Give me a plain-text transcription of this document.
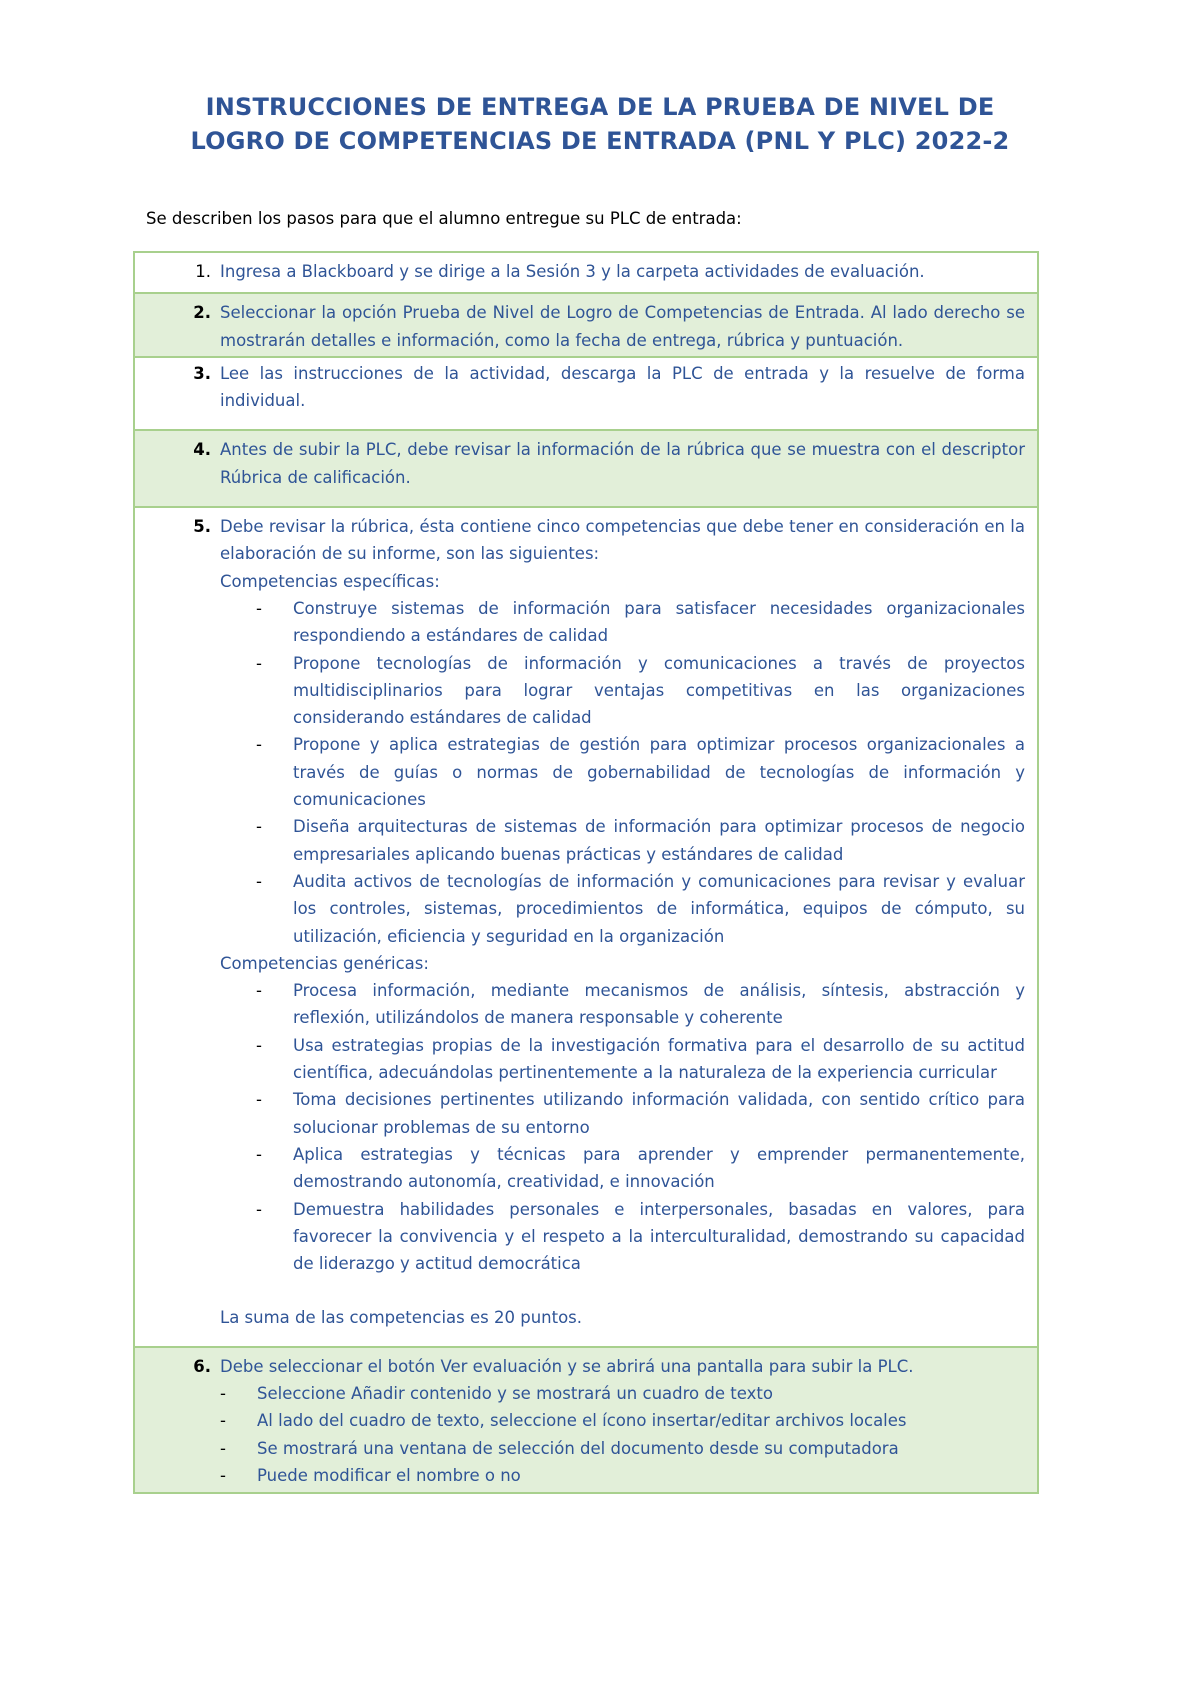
INSTRUCCIONES DE ENTREGA DE LA PRUEBA DE NIVEL DE
LOGRO DE COMPETENCIAS DE ENTRADA (PNL Y PLC) 2022-2
Se describen los pasos para que el alumno entregue su PLC de entrada:
1. Ingresa a Blackboard y se dirige a la Sesión 3 y la carpeta actividades de evaluación.
2. Seleccionar la opción Prueba de Nivel de Logro de Competencias de Entrada. Al lado derecho se mostrarán detalles e información, como la fecha de entrega, rúbrica y puntuación.
3. Lee las instrucciones de la actividad, descarga la PLC de entrada y la resuelve de forma individual.
4. Antes de subir la PLC, debe revisar la información de la rúbrica que se muestra con el descriptor Rúbrica de calificación.
5. Debe revisar la rúbrica, ésta contiene cinco competencias que debe tener en consideración en la elaboración de su informe, son las siguientes:
Competencias específicas:
- Construye sistemas de información para satisfacer necesidades organizacionales respondiendo a estándares de calidad
- Propone tecnologías de información y comunicaciones a través de proyectos multidisciplinarios para lograr ventajas competitivas en las organizaciones considerando estándares de calidad
- Propone y aplica estrategias de gestión para optimizar procesos organizacionales a través de guías o normas de gobernabilidad de tecnologías de información y comunicaciones
- Diseña arquitecturas de sistemas de información para optimizar procesos de negocio empresariales aplicando buenas prácticas y estándares de calidad
- Audita activos de tecnologías de información y comunicaciones para revisar y evaluar los controles, sistemas, procedimientos de informática, equipos de cómputo, su utilización, eficiencia y seguridad en la organización
Competencias genéricas:
- Procesa información, mediante mecanismos de análisis, síntesis, abstracción y reflexión, utilizándolos de manera responsable y coherente
- Usa estrategias propias de la investigación formativa para el desarrollo de su actitud científica, adecuándolas pertinentemente a la naturaleza de la experiencia curricular
- Toma decisiones pertinentes utilizando información validada, con sentido crítico para solucionar problemas de su entorno
- Aplica estrategias y técnicas para aprender y emprender permanentemente, demostrando autonomía, creatividad, e innovación
- Demuestra habilidades personales e interpersonales, basadas en valores, para favorecer la convivencia y el respeto a la interculturalidad, demostrando su capacidad de liderazgo y actitud democrática
La suma de las competencias es 20 puntos.
6. Debe seleccionar el botón Ver evaluación y se abrirá una pantalla para subir la PLC.
- Seleccione Añadir contenido y se mostrará un cuadro de texto
- Al lado del cuadro de texto, seleccione el ícono insertar/editar archivos locales
- Se mostrará una ventana de selección del documento desde su computadora
- Puede modificar el nombre o no
